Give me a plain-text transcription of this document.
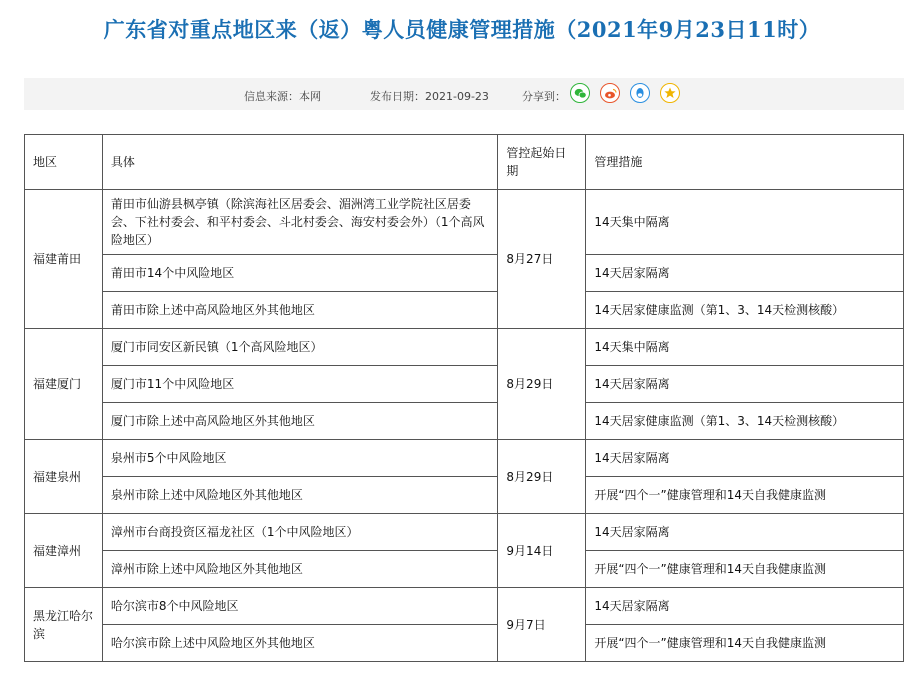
广东省对重点地区来（返）粤人员健康管理措施（2021年9月23日11时）
信息来源：本网	发布日期：2021-09-23	分享到：
地区	具体	管控起始日期	管理措施
福建莆田	莆田市仙游县枫亭镇（除滨海社区居委会、湄洲湾工业学院社区居委会、下社村委会、和平村委会、斗北村委会、海安村委会外）（1个高风险地区）	8月27日	14天集中隔离
	莆田市14个中风险地区		14天居家隔离
	莆田市除上述中高风险地区外其他地区		14天居家健康监测（第1、3、14天检测核酸）
福建厦门	厦门市同安区新民镇（1个高风险地区）	8月29日	14天集中隔离
	厦门市11个中风险地区		14天居家隔离
	厦门市除上述中高风险地区外其他地区		14天居家健康监测（第1、3、14天检测核酸）
福建泉州	泉州市5个中风险地区	8月29日	14天居家隔离
	泉州市除上述中风险地区外其他地区		开展“四个一”健康管理和14天自我健康监测
福建漳州	漳州市台商投资区福龙社区（1个中风险地区）	9月14日	14天居家隔离
	漳州市除上述中风险地区外其他地区		开展“四个一”健康管理和14天自我健康监测
黑龙江哈尔滨	哈尔滨市8个中风险地区	9月7日	14天居家隔离
	哈尔滨市除上述中风险地区外其他地区		开展“四个一”健康管理和14天自我健康监测
